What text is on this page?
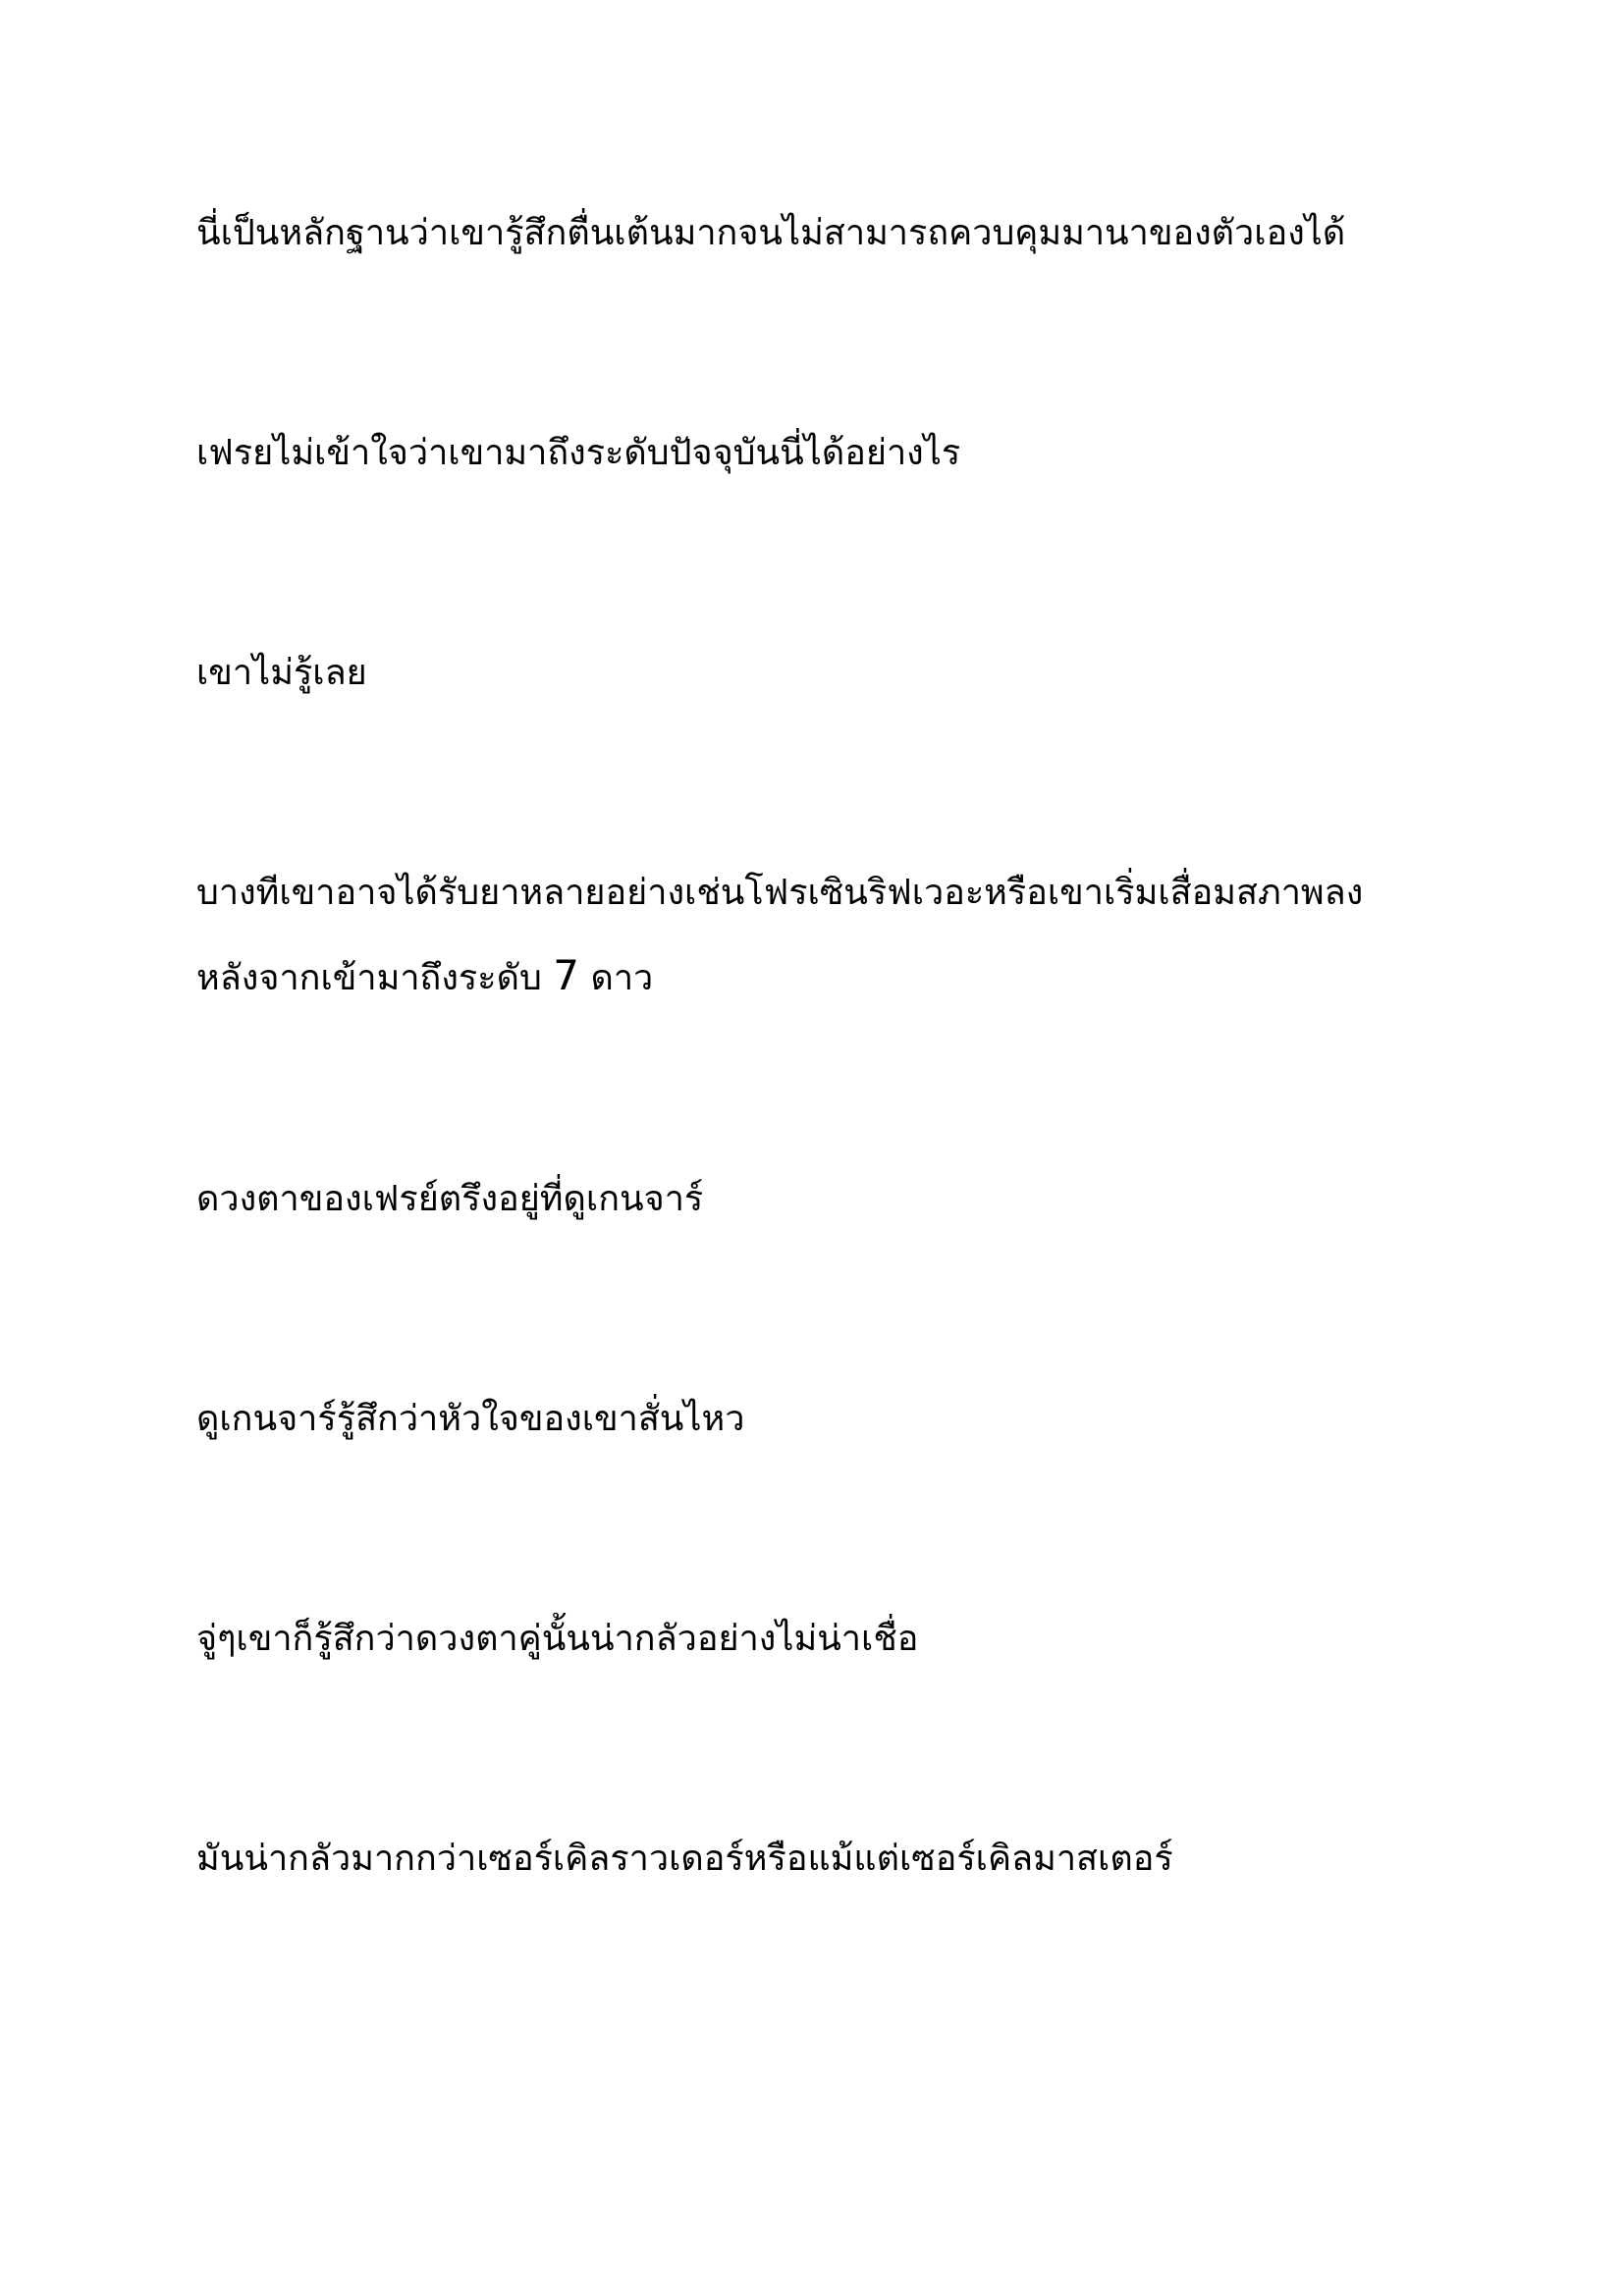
นี่เป็นหลักฐานว่าเขารู้สึกตื่นเต้นมากจนไม่สามารถควบคุมมานาของตัวเองได้

เฟรยไม่เข้าใจว่าเขามาถึงระดับปัจจุบันนี่ได้อย่างไร

เขาไม่รู้เลย

บางทีเขาอาจได้รับยาหลายอย่างเช่นโฟรเซินริฟเวอะหรือเขาเริ่มเสื่อมสภาพลง
หลังจากเข้ามาถึงระดับ 7 ดาว

ดวงตาของเฟรย์ตรึงอยู่ที่ดูเกนจาร์

ดูเกนจาร์รู้สึกว่าหัวใจของเขาสั่นไหว

จู่ๆเขาก็รู้สึกว่าดวงตาคู่นั้นน่ากลัวอย่างไม่น่าเชื่อ

มันน่ากลัวมากกว่าเซอร์เคิลราวเดอร์หรือแม้แต่เซอร์เคิลมาสเตอร์
